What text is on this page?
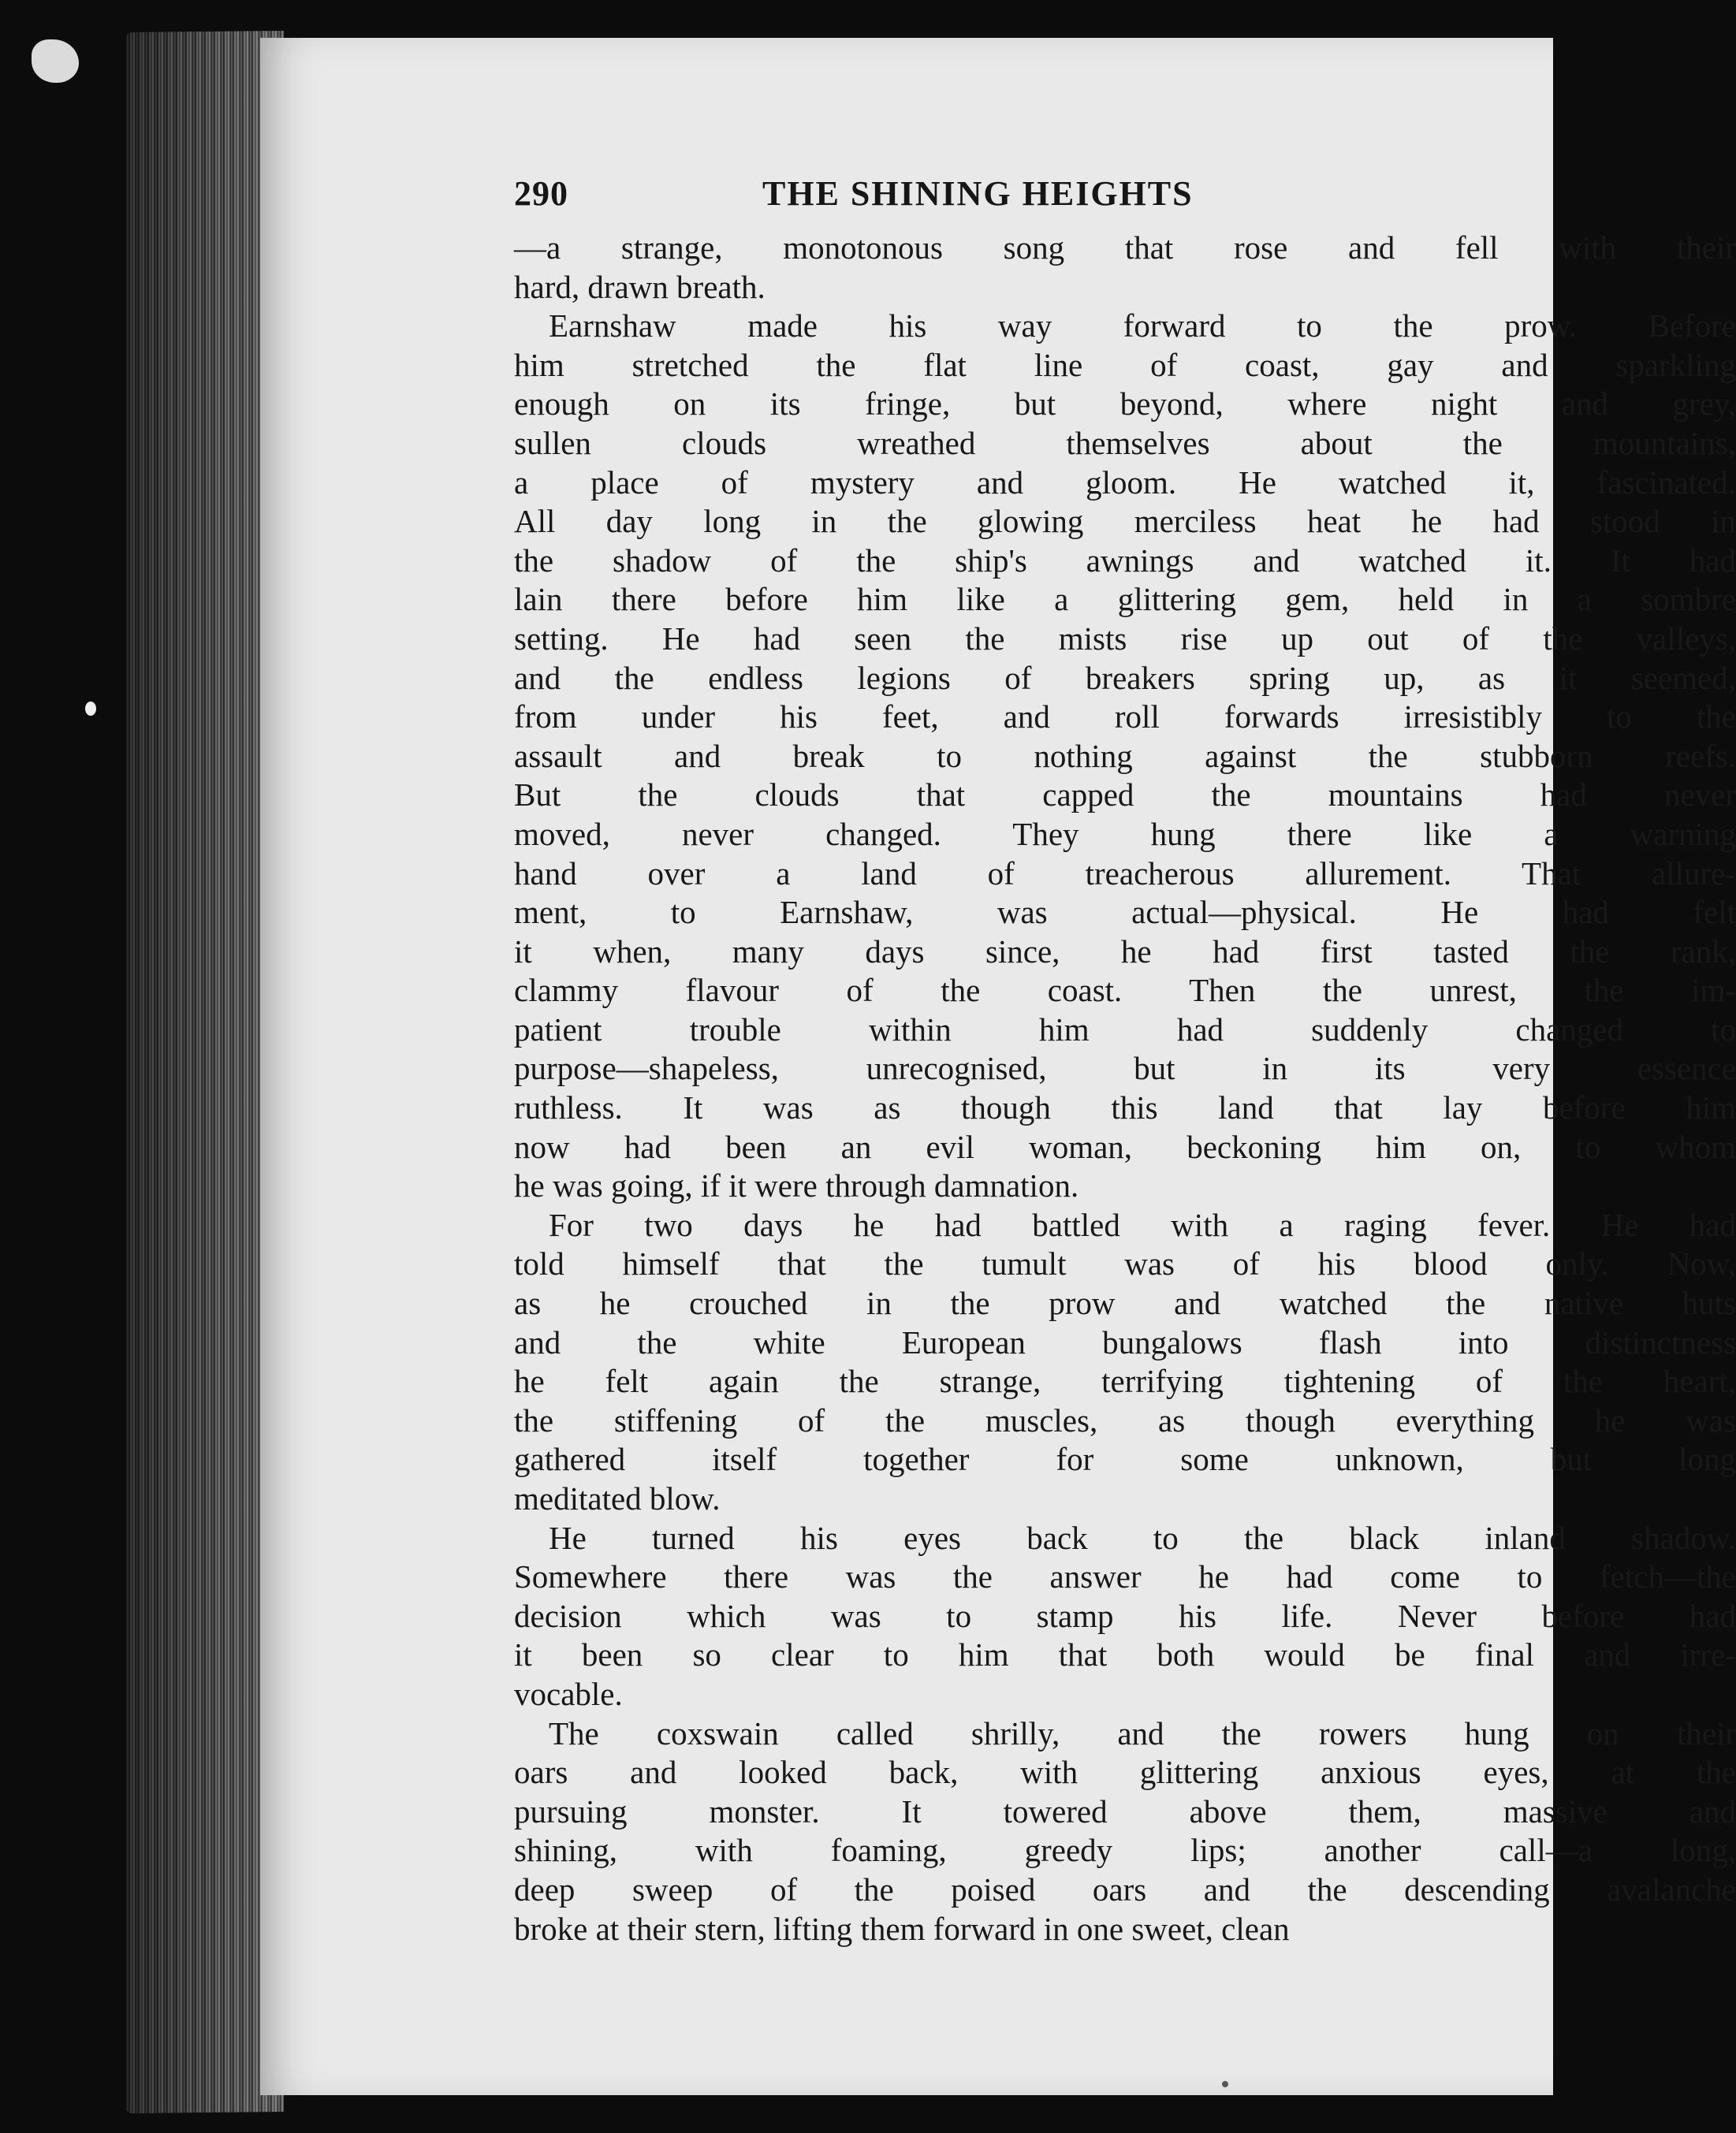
290	THE SHINING HEIGHTS
—a strange, monotonous song that rose and fell with their
hard, drawn breath.
Earnshaw made his way forward to the prow. Before
him stretched the flat line of coast, gay and sparkling
enough on its fringe, but beyond, where night and grey,
sullen clouds wreathed themselves about the mountains,
a place of mystery and gloom. He watched it, fascinated.
All day long in the glowing merciless heat he had stood in
the shadow of the ship's awnings and watched it. It had
lain there before him like a glittering gem, held in a sombre
setting. He had seen the mists rise up out of the valleys,
and the endless legions of breakers spring up, as it seemed,
from under his feet, and roll forwards irresistibly to the
assault and break to nothing against the stubborn reefs.
But the clouds that capped the mountains had never
moved, never changed. They hung there like a warning
hand over a land of treacherous allurement. That allure-
ment, to Earnshaw, was actual—physical. He had felt
it when, many days since, he had first tasted the rank,
clammy flavour of the coast. Then the unrest, the im-
patient trouble within him had suddenly changed to
purpose—shapeless, unrecognised, but in its very essence
ruthless. It was as though this land that lay before him
now had been an evil woman, beckoning him on, to whom
he was going, if it were through damnation.
For two days he had battled with a raging fever. He had
told himself that the tumult was of his blood only. Now,
as he crouched in the prow and watched the native huts
and the white European bungalows flash into distinctness
he felt again the strange, terrifying tightening of the heart,
the stiffening of the muscles, as though everything he was
gathered itself together for some unknown, but long
meditated blow.
He turned his eyes back to the black inland shadow.
Somewhere there was the answer he had come to fetch—the
decision which was to stamp his life. Never before had
it been so clear to him that both would be final and irre-
vocable.
The coxswain called shrilly, and the rowers hung on their
oars and looked back, with glittering anxious eyes, at the
pursuing monster. It towered above them, massive and
shining, with foaming, greedy lips; another call—a long,
deep sweep of the poised oars and the descending avalanche
broke at their stern, lifting them forward in one sweet, clean
